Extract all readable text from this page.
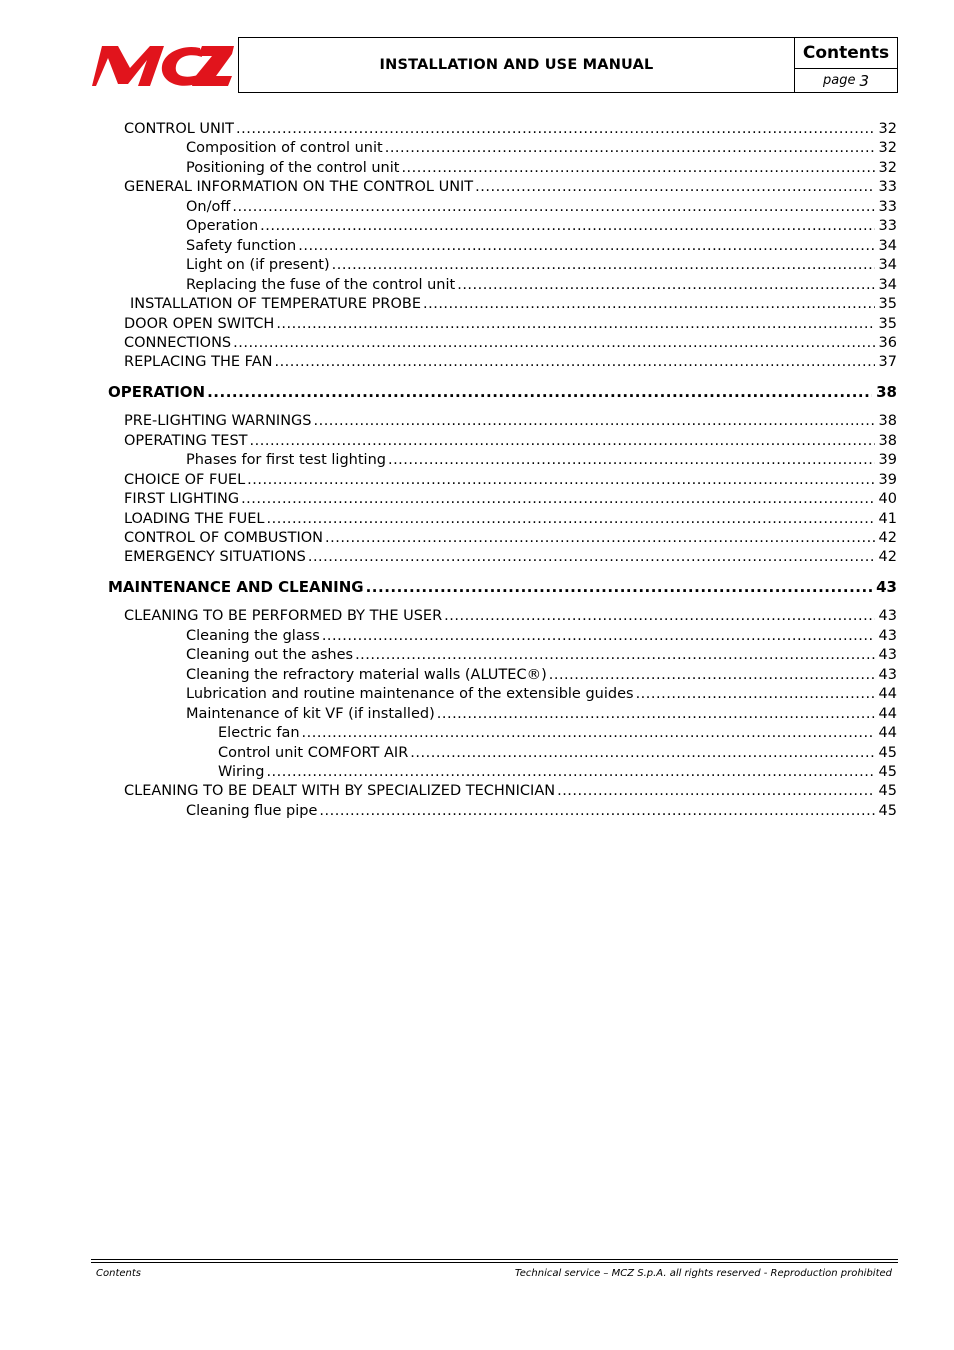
INSTALLATION AND USE MANUAL
Contents
page 3
CONTROL UNIT .....	32
Composition of control unit .....	32
Positioning of the control unit .....	32
GENERAL INFORMATION ON THE CONTROL UNIT .....	33
On/off .....	33
Operation .....	33
Safety function .....	34
Light on (if present) .....	34
Replacing the fuse of the control unit .....	34
INSTALLATION OF TEMPERATURE PROBE .....	35
DOOR OPEN SWITCH .....	35
CONNECTIONS .....	36
REPLACING THE FAN .....	37
OPERATION .....	38
PRE-LIGHTING WARNINGS .....	38
OPERATING TEST .....	38
Phases for first test lighting .....	39
CHOICE OF FUEL .....	39
FIRST LIGHTING .....	40
LOADING THE FUEL .....	41
CONTROL OF COMBUSTION .....	42
EMERGENCY SITUATIONS .....	42
MAINTENANCE AND CLEANING .....	43
CLEANING TO BE PERFORMED BY THE USER .....	43
Cleaning the glass .....	43
Cleaning out the ashes .....	43
Cleaning the refractory material walls (ALUTEC®) .....	43
Lubrication and routine maintenance of the extensible guides .....	44
Maintenance of kit VF (if installed) .....	44
Electric fan .....	44
Control unit COMFORT AIR .....	45
Wiring .....	45
CLEANING TO BE DEALT WITH BY SPECIALIZED TECHNICIAN .....	45
Cleaning flue pipe .....	45
Contents	Technical service – MCZ S.p.A. all rights reserved - Reproduction prohibited
